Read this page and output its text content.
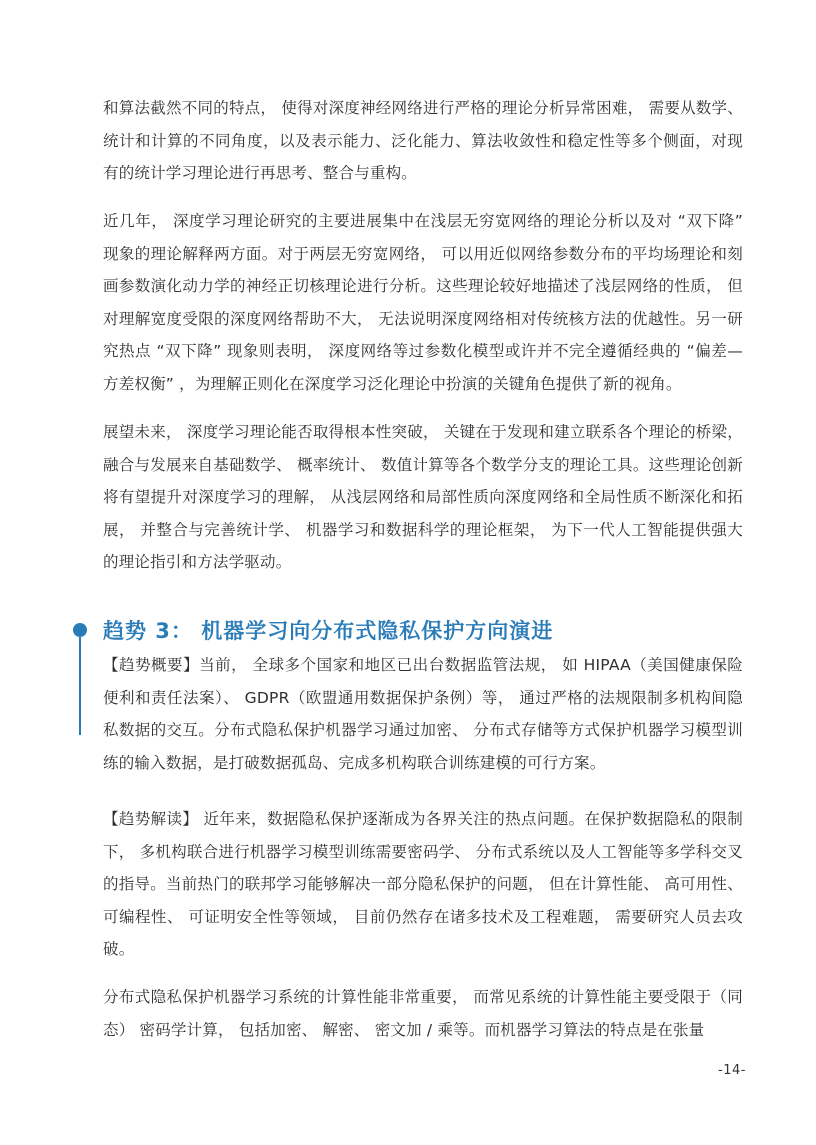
和算法截然不同的特点， 使得对深度神经网络进行严格的理论分析异常困难， 需要从数学、统计和计算的不同角度，以及表示能力、泛化能力、算法收敛性和稳定性等多个侧面，对现有的统计学习理论进行再思考、整合与重构。

近几年， 深度学习理论研究的主要进展集中在浅层无穷宽网络的理论分析以及对 “双下降” 现象的理论解释两方面。对于两层无穷宽网络， 可以用近似网络参数分布的平均场理论和刻画参数演化动力学的神经正切核理论进行分析。这些理论较好地描述了浅层网络的性质， 但对理解宽度受限的深度网络帮助不大， 无法说明深度网络相对传统核方法的优越性。另一研究热点 “双下降” 现象则表明， 深度网络等过参数化模型或许并不完全遵循经典的 “偏差—方差权衡” ，为理解正则化在深度学习泛化理论中扮演的关键角色提供了新的视角。

展望未来， 深度学习理论能否取得根本性突破， 关键在于发现和建立联系各个理论的桥梁，融合与发展来自基础数学、 概率统计、 数值计算等各个数学分支的理论工具。这些理论创新将有望提升对深度学习的理解， 从浅层网络和局部性质向深度网络和全局性质不断深化和拓展， 并整合与完善统计学、 机器学习和数据科学的理论框架， 为下一代人工智能提供强大的理论指引和方法学驱动。

趋势 3： 机器学习向分布式隐私保护方向演进

【趋势概要】当前， 全球多个国家和地区已出台数据监管法规， 如 HIPAA（美国健康保险便利和责任法案）、 GDPR（欧盟通用数据保护条例）等， 通过严格的法规限制多机构间隐私数据的交互。分布式隐私保护机器学习通过加密、 分布式存储等方式保护机器学习模型训练的输入数据，是打破数据孤岛、完成多机构联合训练建模的可行方案。

【趋势解读】 近年来，数据隐私保护逐渐成为各界关注的热点问题。在保护数据隐私的限制下， 多机构联合进行机器学习模型训练需要密码学、 分布式系统以及人工智能等多学科交叉的指导。当前热门的联邦学习能够解决一部分隐私保护的问题， 但在计算性能、 高可用性、可编程性、 可证明安全性等领域， 目前仍然存在诸多技术及工程难题， 需要研究人员去攻破。

分布式隐私保护机器学习系统的计算性能非常重要， 而常见系统的计算性能主要受限于（同态） 密码学计算， 包括加密、 解密、 密文加 / 乘等。而机器学习算法的特点是在张量

-14-
